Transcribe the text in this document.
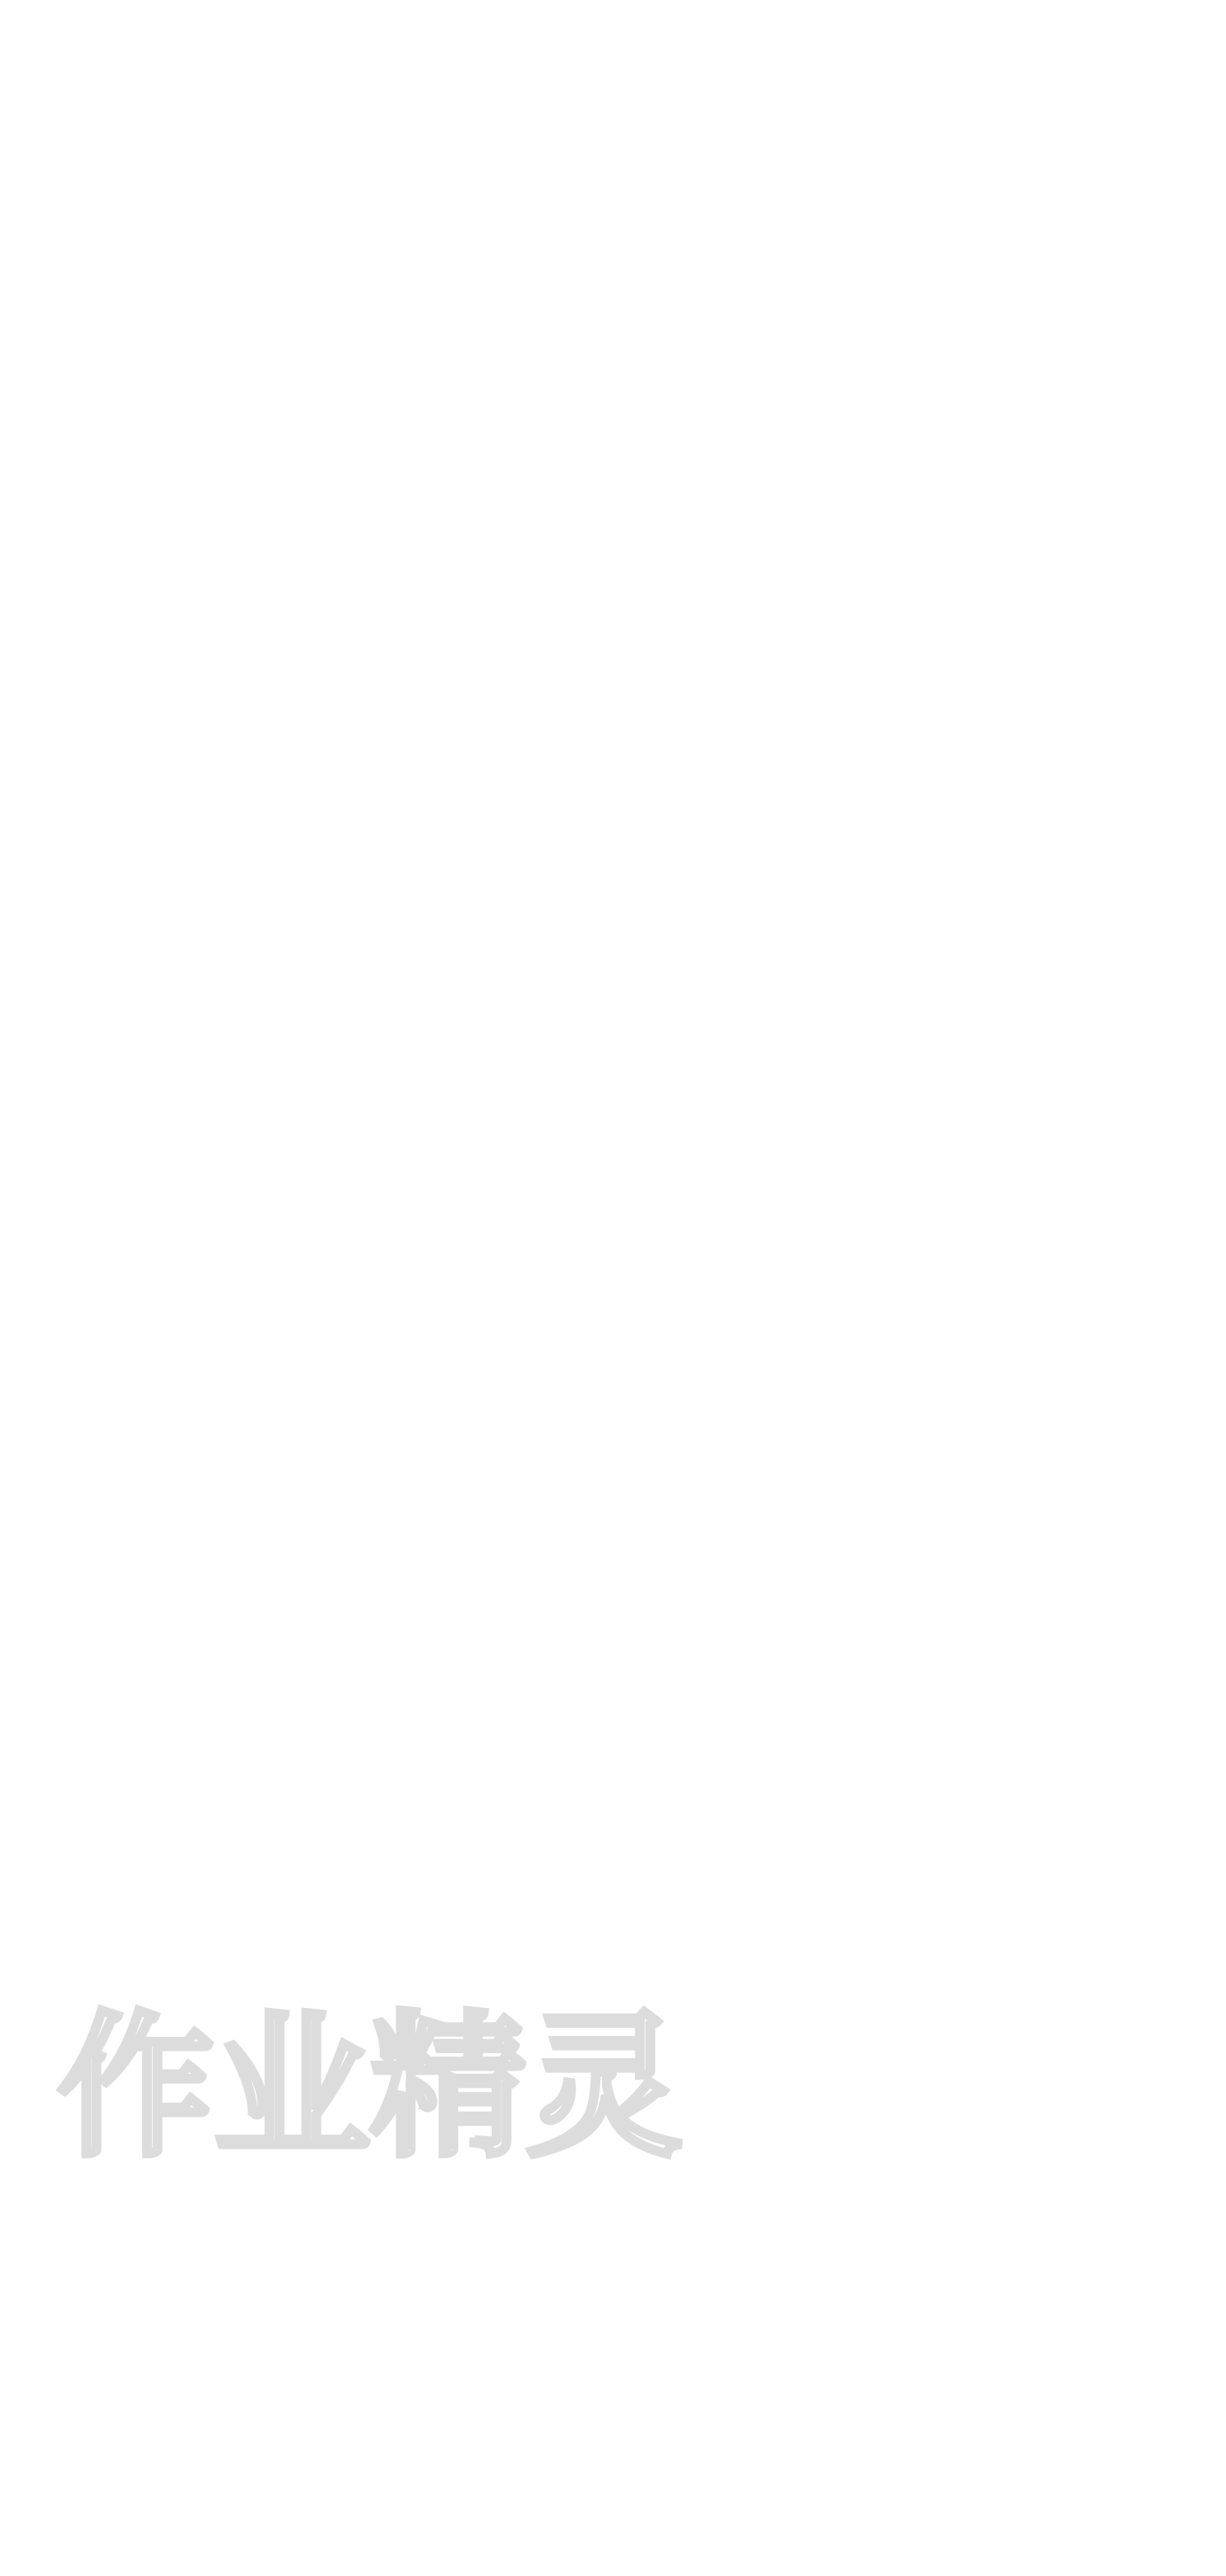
作业精灵
